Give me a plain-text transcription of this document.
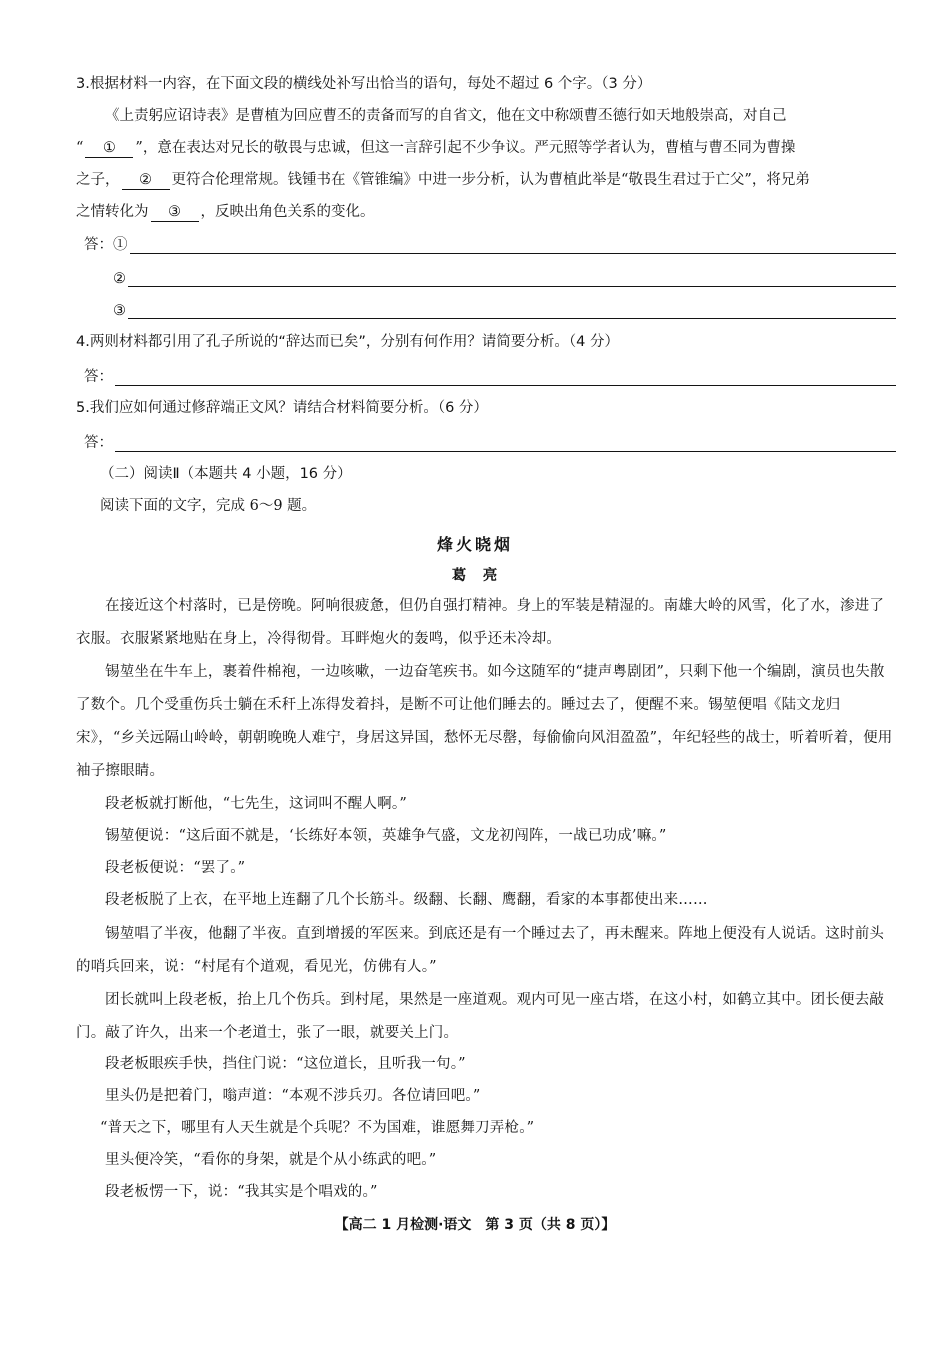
3.根据材料一内容，在下面文段的横线处补写出恰当的语句，每处不超过 6 个字。（3 分）
《上责躬应诏诗表》是曹植为回应曹丕的责备而写的自省文，他在文中称颂曹丕德行如天地般崇高，对自己
“ ① ”，意在表达对兄长的敬畏与忠诚，但这一言辞引起不少争议。严元照等学者认为，曹植与曹丕同为曹操
之子， ② 更符合伦理常规。钱锺书在《管锥编》中进一步分析，认为曹植此举是“敬畏生君过于亡父”，将兄弟
之情转化为 ③ ，反映出角色关系的变化。
答：①
②
③
4.两则材料都引用了孔子所说的“辞达而已矣”，分别有何作用？请简要分析。（4 分）
答：
5.我们应如何通过修辞端正文风？请结合材料简要分析。（6 分）
答：
（二）阅读Ⅱ（本题共 4 小题，16 分）
阅读下面的文字，完成 6～9 题。
烽火晓烟
葛　亮
在接近这个村落时，已是傍晚。阿响很疲惫，但仍自强打精神。身上的军装是精湿的。南雄大岭的风雪，化了水，渗进了衣服。衣服紧紧地贴在身上，冷得彻骨。耳畔炮火的轰鸣，似乎还未冷却。
锡堃坐在牛车上，裹着件棉袍，一边咳嗽，一边奋笔疾书。如今这随军的“捷声粤剧团”，只剩下他一个编剧，演员也失散了数个。几个受重伤兵士躺在禾秆上冻得发着抖，是断不可让他们睡去的。睡过去了，便醒不来。锡堃便唱《陆文龙归宋》，“乡关远隔山岭岭，朝朝晚晚人难宁，身居这异国，愁怀无尽罄，每偷偷向风泪盈盈”，年纪轻些的战士，听着听着，便用袖子擦眼睛。
段老板就打断他，“七先生，这词叫不醒人啊。”
锡堃便说：“这后面不就是，‘长练好本领，英雄争气盛，文龙初闯阵，一战已功成’嘛。”
段老板便说：“罢了。”
段老板脱了上衣，在平地上连翻了几个长筋斗。级翻、长翻、鹰翻，看家的本事都使出来……
锡堃唱了半夜，他翻了半夜。直到增援的军医来。到底还是有一个睡过去了，再未醒来。阵地上便没有人说话。这时前头的哨兵回来，说：“村尾有个道观，看见光，仿佛有人。”
团长就叫上段老板，抬上几个伤兵。到村尾，果然是一座道观。观内可见一座古塔，在这小村，如鹤立其中。团长便去敲门。敲了许久，出来一个老道士，张了一眼，就要关上门。
段老板眼疾手快，挡住门说：“这位道长，且听我一句。”
里头仍是把着门，嗡声道：“本观不涉兵刃。各位请回吧。”
“普天之下，哪里有人天生就是个兵呢？不为国难，谁愿舞刀弄枪。”
里头便冷笑，“看你的身架，就是个从小练武的吧。”
段老板愣一下，说：“我其实是个唱戏的。”
【高二 1 月检测·语文　第 3 页（共 8 页）】
